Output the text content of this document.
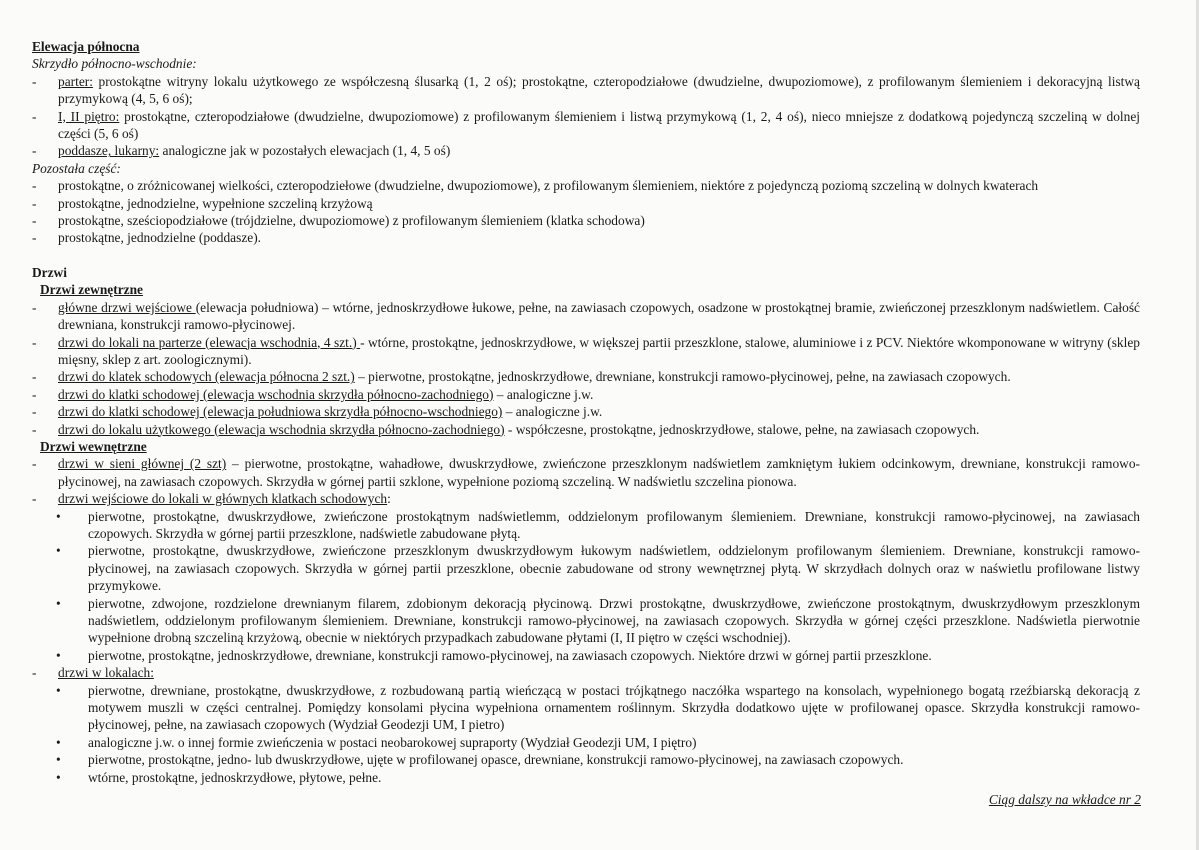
Elewacja północna
Skrzydło północno-wschodnie:
-	parter: prostokątne witryny lokalu użytkowego ze współczesną ślusarką (1, 2 oś); prostokątne, czteropodziałowe (dwudzielne, dwupoziomowe), z profilowanym ślemieniem i dekoracyjną listwą przymykową (4, 5, 6 oś);
-	I, II piętro: prostokątne, czteropodziałowe (dwudzielne, dwupoziomowe) z profilowanym ślemieniem i listwą przymykową (1, 2, 4 oś), nieco mniejsze z dodatkową pojedynczą szczeliną w dolnej części (5, 6 oś)
-	poddasze, lukarny: analogiczne jak w pozostałych elewacjach (1, 4, 5 oś)
Pozostała część:
-	prostokątne, o zróżnicowanej wielkości, czteropodziełowe (dwudzielne, dwupoziomowe), z profilowanym ślemieniem, niektóre z pojedynczą poziomą szczeliną w dolnych kwaterach
-	prostokątne, jednodzielne, wypełnione szczeliną krzyżową
-	prostokątne, sześciopodziałowe (trójdzielne, dwupoziomowe) z profilowanym ślemieniem (klatka schodowa)
-	prostokątne, jednodzielne (poddasze).
Drzwi
Drzwi zewnętrzne
-	główne drzwi wejściowe (elewacja południowa) – wtórne, jednoskrzydłowe łukowe, pełne, na zawiasach czopowych, osadzone w prostokątnej bramie, zwieńczonej przeszklonym nadświetlem. Całość drewniana, konstrukcji ramowo-płycinowej.
-	drzwi do lokali na parterze (elewacja wschodnia, 4 szt.) - wtórne, prostokątne, jednoskrzydłowe, w większej partii przeszklone, stalowe, aluminiowe i z PCV. Niektóre wkomponowane w witryny (sklep mięsny, sklep z art. zoologicznymi).
-	drzwi do klatek schodowych (elewacja północna 2 szt.) – pierwotne, prostokątne, jednoskrzydłowe, drewniane, konstrukcji ramowo-płycinowej, pełne, na zawiasach czopowych.
-	drzwi do klatki schodowej (elewacja wschodnia skrzydła północno-zachodniego) – analogiczne j.w.
-	drzwi do klatki schodowej (elewacja południowa skrzydła północno-wschodniego) – analogiczne j.w.
-	drzwi do lokalu użytkowego (elewacja wschodnia skrzydła północno-zachodniego) - współczesne, prostokątne, jednoskrzydłowe, stalowe, pełne, na zawiasach czopowych.
Drzwi wewnętrzne
-	drzwi w sieni głównej (2 szt) – pierwotne, prostokątne, wahadłowe, dwuskrzydłowe, zwieńczone przeszklonym nadświetlem zamkniętym łukiem odcinkowym, drewniane, konstrukcji ramowo-płycinowej, na zawiasach czopowych. Skrzydła w górnej partii szklone, wypełnione poziomą szczeliną. W nadświetlu szczelina pionowa.
-	drzwi wejściowe do lokali w głównych klatkach schodowych:
•	pierwotne, prostokątne, dwuskrzydłowe, zwieńczone prostokątnym nadświetlemm, oddzielonym profilowanym ślemieniem. Drewniane, konstrukcji ramowo-płycinowej, na zawiasach czopowych. Skrzydła w górnej partii przeszklone, nadświetle zabudowane płytą.
•	pierwotne, prostokątne, dwuskrzydłowe, zwieńczone przeszklonym dwuskrzydłowym łukowym nadświetlem, oddzielonym profilowanym ślemieniem. Drewniane, konstrukcji ramowo-płycinowej, na zawiasach czopowych. Skrzydła w górnej partii przeszklone, obecnie zabudowane od strony wewnętrznej płytą. W skrzydłach dolnych oraz w naświetlu profilowane listwy przymykowe.
•	pierwotne, zdwojone, rozdzielone drewnianym filarem, zdobionym dekoracją płycinową. Drzwi prostokątne, dwuskrzydłowe, zwieńczone prostokątnym, dwuskrzydłowym przeszklonym nadświetlem, oddzielonym profilowanym ślemieniem. Drewniane, konstrukcji ramowo-płycinowej, na zawiasach czopowych. Skrzydła w górnej części przeszklone. Nadświetla pierwotnie wypełnione drobną szczeliną krzyżową, obecnie w niektórych przypadkach zabudowane płytami (I, II piętro w części wschodniej).
•	pierwotne, prostokątne, jednoskrzydłowe, drewniane, konstrukcji ramowo-płycinowej, na zawiasach czopowych. Niektóre drzwi w górnej partii przeszklone.
-	drzwi w lokalach:
•	pierwotne, drewniane, prostokątne, dwuskrzydłowe, z rozbudowaną partią wieńczącą w postaci trójkątnego naczółka wspartego na konsolach, wypełnionego bogatą rzeźbiarską dekoracją z motywem muszli w części centralnej. Pomiędzy konsolami płycina wypełniona ornamentem roślinnym. Skrzydła dodatkowo ujęte w profilowanej opasce. Skrzydła konstrukcji ramowo-płycinowej, pełne, na zawiasach czopowych (Wydział Geodezji UM, I pietro)
•	analogiczne j.w. o innej formie zwieńczenia w postaci neobarokowej supraporty (Wydział Geodezji UM, I piętro)
•	pierwotne, prostokątne, jedno- lub dwuskrzydłowe, ujęte w profilowanej opasce, drewniane, konstrukcji ramowo-płycinowej, na zawiasach czopowych.
•	wtórne, prostokątne, jednoskrzydłowe, płytowe, pełne.
Ciąg dalszy na wkładce nr 2
